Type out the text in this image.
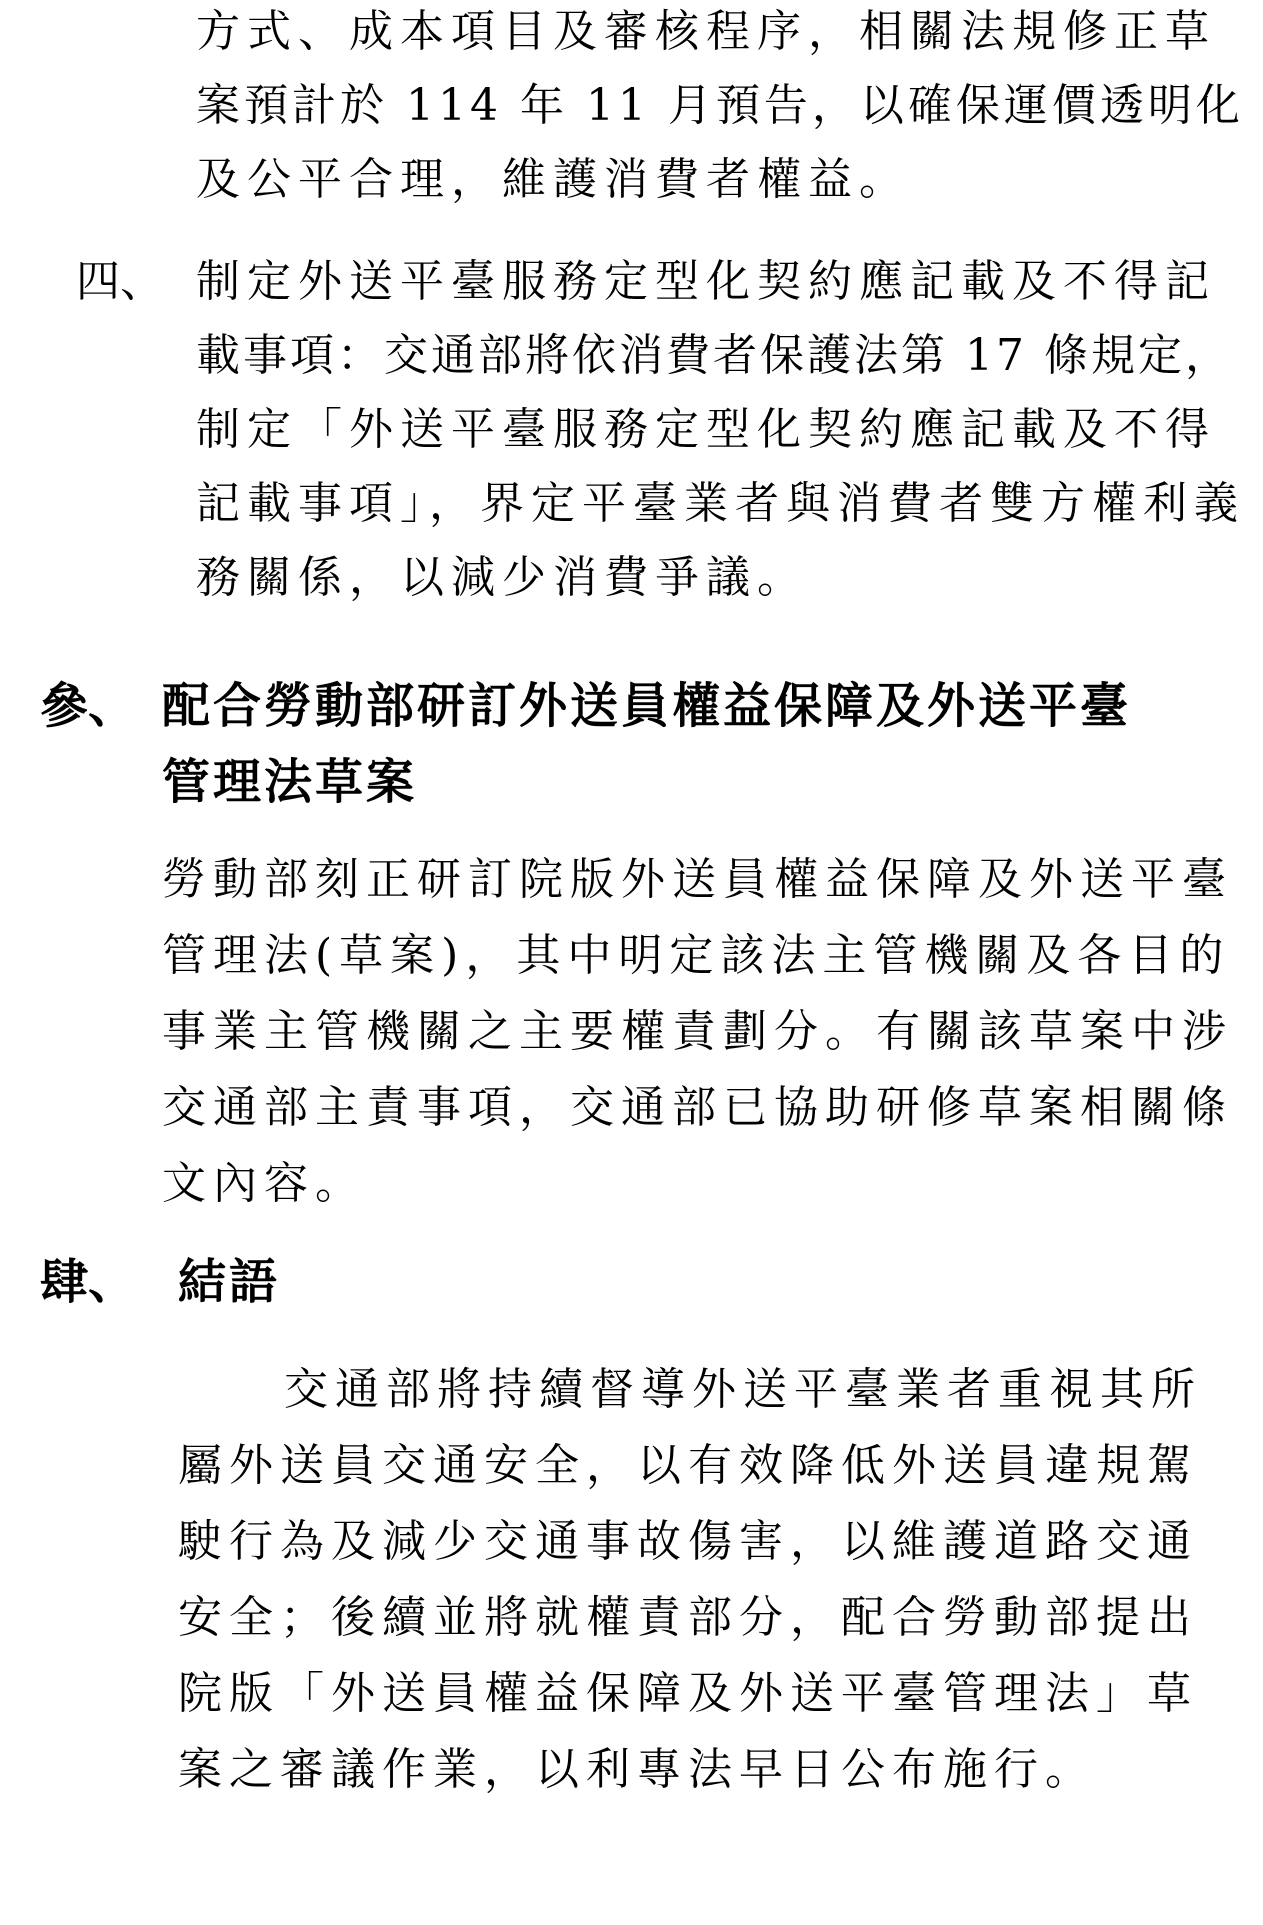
方式、成本項目及審核程序，相關法規修正草
案預計於 114 年 11 月預告，以確保運價透明化
及公平合理，維護消費者權益。
四、 制定外送平臺服務定型化契約應記載及不得記
載事項：交通部將依消費者保護法第 17 條規定，
制定「外送平臺服務定型化契約應記載及不得
記載事項」，界定平臺業者與消費者雙方權利義
務關係，以減少消費爭議。
參、 配合勞動部研訂外送員權益保障及外送平臺
管理法草案
勞動部刻正研訂院版外送員權益保障及外送平臺
管理法(草案)，其中明定該法主管機關及各目的
事業主管機關之主要權責劃分。有關該草案中涉
交通部主責事項，交通部已協助研修草案相關條
文內容。
肆、 結語
交通部將持續督導外送平臺業者重視其所
屬外送員交通安全，以有效降低外送員違規駕
駛行為及減少交通事故傷害，以維護道路交通
安全；後續並將就權責部分，配合勞動部提出
院版「外送員權益保障及外送平臺管理法」草
案之審議作業，以利專法早日公布施行。
